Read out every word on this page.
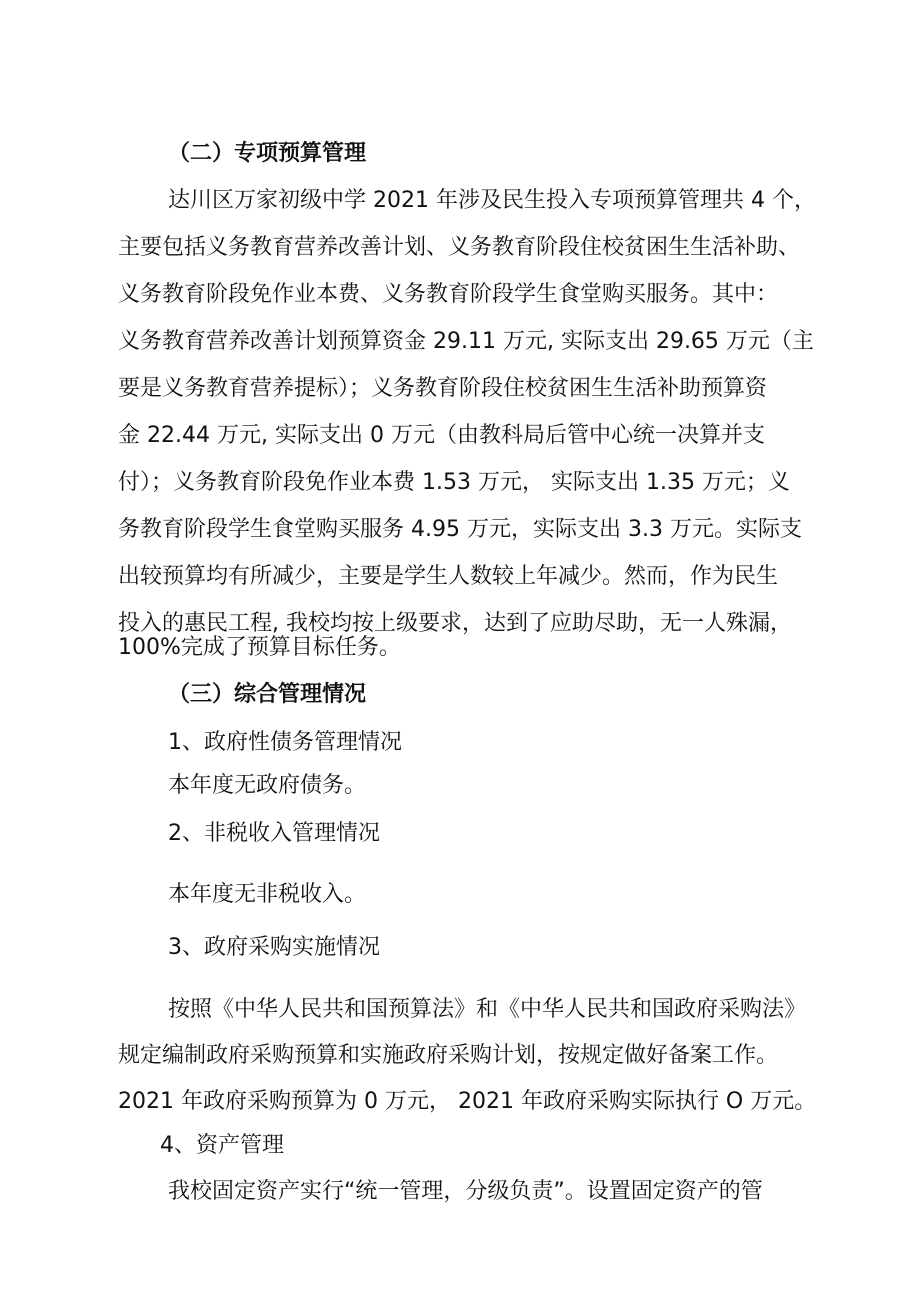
（二）专项预算管理
达川区万家初级中学 2021 年涉及民生投入专项预算管理共 4 个，
主要包括义务教育营养改善计划、义务教育阶段住校贫困生生活补助、
义务教育阶段免作业本费、义务教育阶段学生食堂购买服务。其中：
义务教育营养改善计划预算资金 29.11 万元, 实际支出 29.65 万元（主
要是义务教育营养提标）；义务教育阶段住校贫困生生活补助预算资
金 22.44 万元, 实际支出 0 万元（由教科局后管中心统一决算并支
付）；义务教育阶段免作业本费 1.53 万元， 实际支出 1.35 万元；义
务教育阶段学生食堂购买服务 4.95 万元，实际支出 3.3 万元。实际支
出较预算均有所减少，主要是学生人数较上年减少。然而，作为民生
投入的惠民工程, 我校均按上级要求，达到了应助尽助，无一人殊漏，
100%完成了预算目标任务。
（三）综合管理情况
1、政府性债务管理情况
本年度无政府债务。
2、非税收入管理情况
本年度无非税收入。
3、政府采购实施情况
按照《中华人民共和国预算法》和《中华人民共和国政府采购法》
规定编制政府采购预算和实施政府采购计划，按规定做好备案工作。
2021 年政府采购预算为 0 万元， 2021 年政府采购实际执行 O 万元。
4、资产管理
我校固定资产实行“统一管理，分级负责”。设置固定资产的管
